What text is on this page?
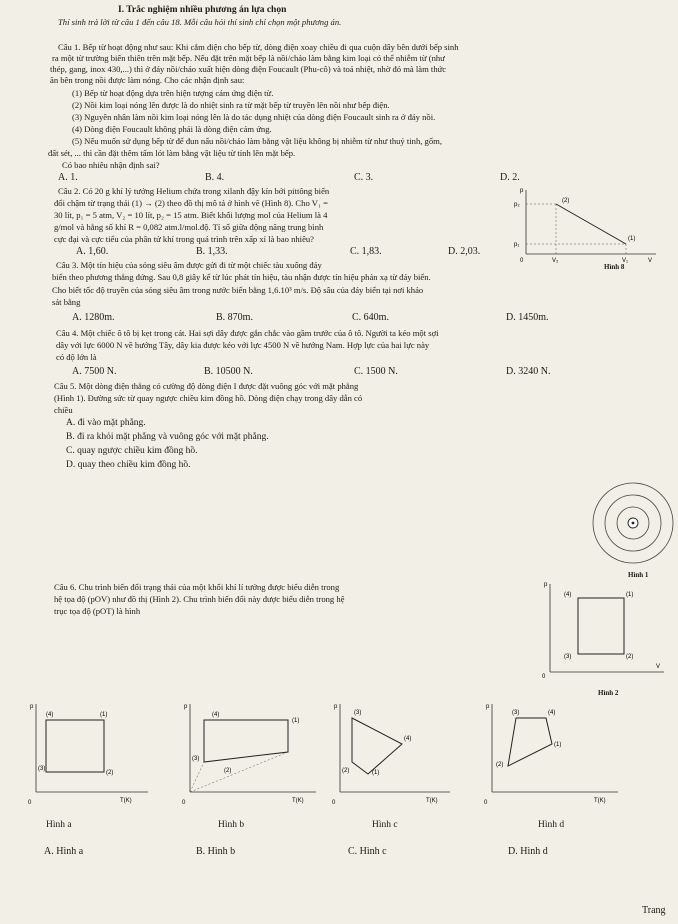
I. Trắc nghiệm nhiều phương án lựa chọn
Thí sinh trả lời từ câu 1 đến câu 18. Mỗi câu hỏi thí sinh chỉ chọn một phương án.
Câu 1. Bếp từ hoạt động như sau: Khi cắm điện cho bếp từ, dòng điện xoay chiều đi qua cuộn dây bên dưới bếp sinh
ra một từ trường biến thiên trên mặt bếp. Nếu đặt trên mặt bếp là nồi/chảo làm bằng kim loại có thể nhiễm từ (như
thép, gang, inox 430,...) thì ở đáy nồi/chảo xuất hiện dòng điện Foucault (Phu-cô) và toả nhiệt, nhờ đó mà làm thức
ăn bên trong nồi được làm nóng. Cho các nhận định sau:
(1) Bếp từ hoạt động dựa trên hiện tượng cảm ứng điện từ.
(2) Nồi kim loại nóng lên được là do nhiệt sinh ra từ mặt bếp từ truyền lên nồi như bếp điện.
(3) Nguyên nhân làm nồi kim loại nóng lên là do tác dụng nhiệt của dòng điện Foucault sinh ra ở đáy nồi.
(4) Dòng điện Foucault không phải là dòng điện cảm ứng.
(5) Nếu muốn sử dụng bếp từ để đun nấu nồi/chảo làm bằng vật liệu không bị nhiễm từ như thuỷ tinh, gốm,
đất sét, ... thì cần đặt thêm tấm lót làm bằng vật liệu từ tính lên mặt bếp.
Có bao nhiêu nhận định sai?
A. 1.	B. 4.	C. 3.	D. 2.
Câu 2. Có 20 g khí lý tưởng Helium chứa trong xilanh đậy kín bởi pittông biến
đổi chậm từ trạng thái (1) → (2) theo đồ thị mô tả ở hình vẽ (Hình 8). Cho V₁ =
30 lít, p₁ = 5 atm, V₂ = 10 lít, p₂ = 15 atm. Biết khối lượng mol của Helium là 4
g/mol và hằng số khí R = 0,082 atm.l/mol.độ. Tỉ số giữa động năng trung bình
cực đại và cực tiểu của phân tử khí trong quá trình trên xấp xỉ là bao nhiêu?
A. 1,60.	B. 1,33.	C. 1,83.	D. 2,03.
p
V
0
(2)
(1)
p₂
p₁
V₂	V₁
Hình 8
Câu 3. Một tín hiệu của sóng siêu âm được gửi đi từ một chiếc tàu xuống đáy
biển theo phương thẳng đứng. Sau 0,8 giây kể từ lúc phát tín hiệu, tàu nhận được tín hiệu phản xạ từ đáy biển.
Cho biết tốc độ truyền của sóng siêu âm trong nước biển bằng 1,6.10³ m/s. Độ sâu của đáy biển tại nơi khảo
sát bằng
A. 1280m.	B. 870m.	C. 640m.	D. 1450m.
Câu 4. Một chiếc ô tô bị kẹt trong cát. Hai sợi dây được gắn chắc vào gầm trước của ô tô. Người ta kéo một sợi
dây với lực 6000 N về hướng Tây, dây kia được kéo với lực 4500 N về hướng Nam. Hợp lực của hai lực này
có độ lớn là
A. 7500 N.	B. 10500 N.	C. 1500 N.	D. 3240 N.
Câu 5. Một dòng điện thẳng có cường độ dòng điện I được đặt vuông góc với mặt phẳng
(Hình 1). Đường sức từ quay ngược chiều kim đồng hồ. Dòng điện chạy trong dây dẫn có
chiều
A. đi vào mặt phẳng.
B. đi ra khỏi mặt phẳng và vuông góc với mặt phẳng.
C. quay ngược chiều kim đồng hồ.
D. quay theo chiều kim đồng hồ.
Hình 1
Câu 6. Chu trình biến đổi trạng thái của một khối khí lí tưởng được biểu diễn trong
hệ tọa độ (pOV) như đồ thị (Hình 2). Chu trình biến đổi này được biểu diễn trong hệ
trục tọa độ (pOT) là hình
p
V
0
(4)	(1)
(3)	(2)
Hình 2
p
T(K)
0
(4)	(1)
(3)
(2)
p
T(K)
0
(4)
(1)
(3)
(2)
p
T(K)
0
(3)
(4)
(2)	(1)
p
T(K)
0
(3)	(4)
(1)
(2)
Hình a	Hình b	Hình c	Hình d
A. Hình a	B. Hình b	C. Hình c	D. Hình d
Trang
